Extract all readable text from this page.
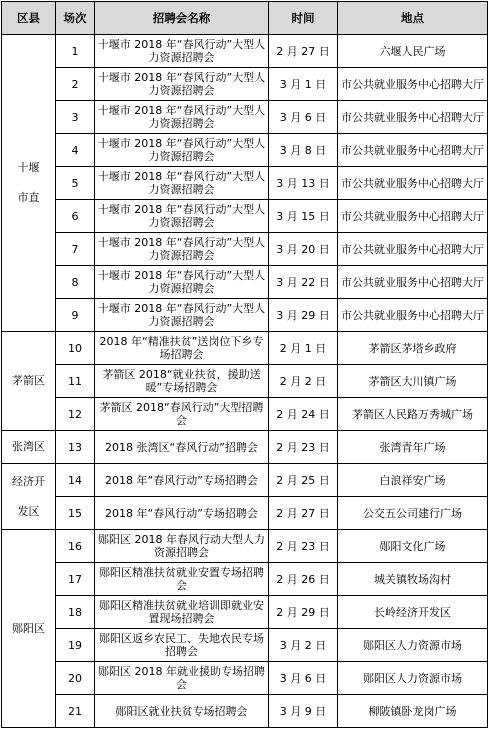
区县	场次	招聘会名称	时间	地点

十堰
市直	1	十堰市 2018 年“春风行动”大型人力资源招聘会	2 月 27 日	六堰人民广场
	2	十堰市 2018 年“春风行动”大型人力资源招聘会	3 月 1 日	市公共就业服务中心招聘大厅
	3	十堰市 2018 年“春风行动”大型人力资源招聘会	3 月 6 日	市公共就业服务中心招聘大厅
	4	十堰市 2018 年“春风行动”大型人力资源招聘会	3 月 8 日	市公共就业服务中心招聘大厅
	5	十堰市 2018 年“春风行动”大型人力资源招聘会	3 月 13 日	市公共就业服务中心招聘大厅
	6	十堰市 2018 年“春风行动”大型人力资源招聘会	3 月 15 日	市公共就业服务中心招聘大厅
	7	十堰市 2018 年“春风行动”大型人力资源招聘会	3 月 20 日	市公共就业服务中心招聘大厅
	8	十堰市 2018 年“春风行动”大型人力资源招聘会	3 月 22 日	市公共就业服务中心招聘大厅
	9	十堰市 2018 年“春风行动”大型人力资源招聘会	3 月 29 日	市公共就业服务中心招聘大厅

茅箭区	10	2018 年“精准扶贫”送岗位下乡专场招聘会	2 月 1 日	茅箭区茅塔乡政府
	11	茅箭区 2018“就业扶贫，援助送暖”专场招聘会	2 月 2 日	茅箭区大川镇广场
	12	茅箭区 2018“春风行动”大型招聘会	2 月 24 日	茅箭区人民路万秀城广场

张湾区	13	2018 张湾区“春风行动”招聘会	2 月 23 日	张湾青年广场

经济开
发区	14	2018 年“春风行动”专场招聘会	2 月 25 日	白浪祥安广场
	15	2018 年“春风行动”专场招聘会	2 月 27 日	公交五公司建行广场

郧阳区	16	郧阳区 2018 年春风行动大型人力资源招聘会	2 月 23 日	郧阳文化广场
	17	郧阳区精准扶贫就业安置专场招聘会	2 月 26 日	城关镇牧场沟村
	18	郧阳区精准扶贫就业培训即就业安置现场招聘会	2 月 29 日	长岭经济开发区
	19	郧阳区返乡农民工、失地农民专场招聘会	3 月 2 日	郧阳区人力资源市场
	20	郧阳区 2018 年就业援助专场招聘会	3 月 6 日	郧阳区人力资源市场
	21	郧阳区就业扶贫专场招聘会	3 月 9 日	柳陂镇卧龙岗广场
